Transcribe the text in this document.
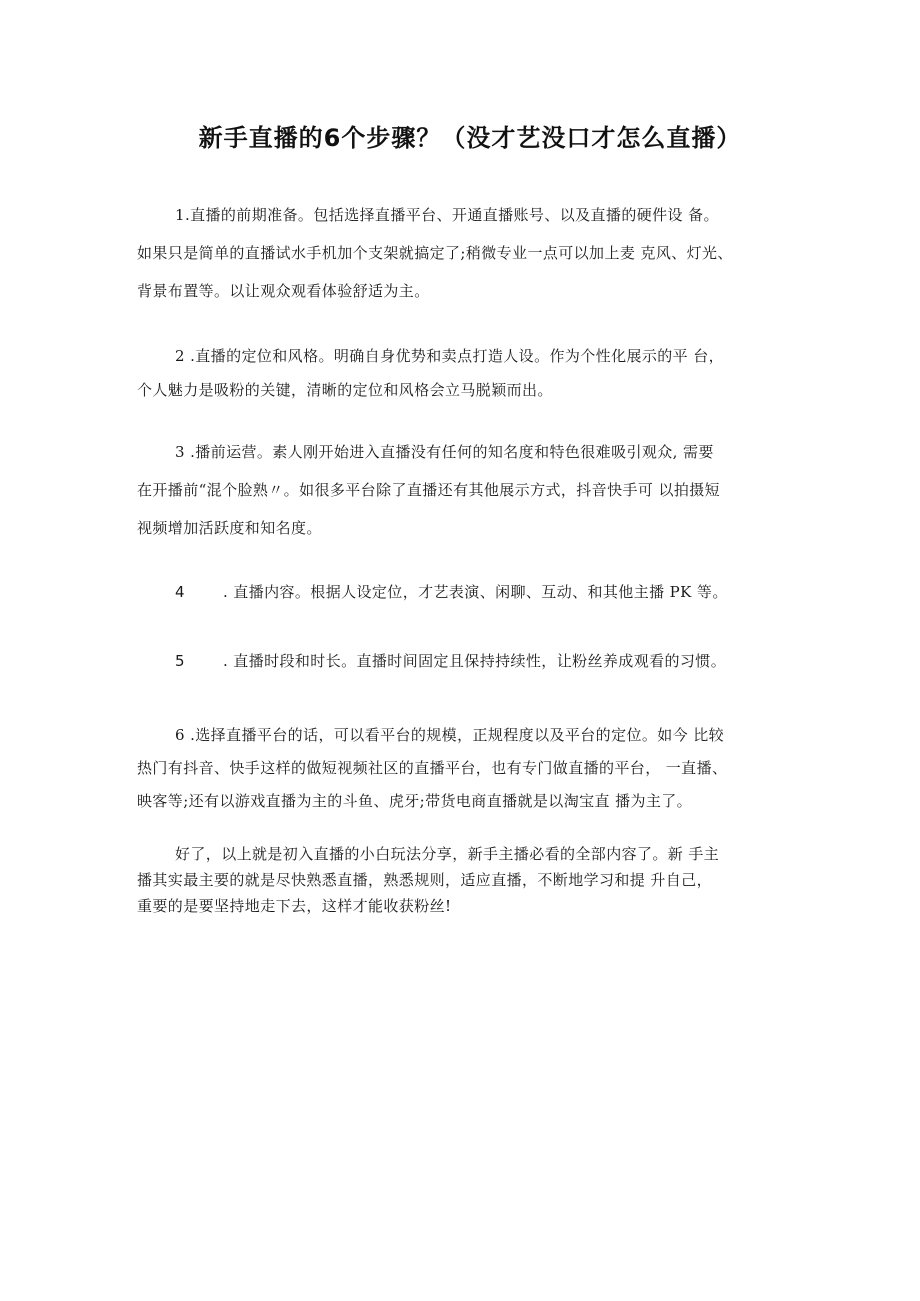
新手直播的6个步骤？（没才艺没口才怎么直播）
1.直播的前期准备。包括选择直播平台、开通直播账号、以及直播的硬件设 备。
如果只是简单的直播试水手机加个支架就搞定了;稍微专业一点可以加上麦 克风、灯光、
背景布置等。以让观众观看体验舒适为主。
2 .直播的定位和风格。明确自身优势和卖点打造人设。作为个性化展示的平 台，
个人魅力是吸粉的关键，清晰的定位和风格会立马脱颖而出。
3 .播前运营。素人刚开始进入直播没有任何的知名度和特色很难吸引观众, 需要
在开播前“混个脸熟〃。如很多平台除了直播还有其他展示方式，抖音快手可 以拍摄短
视频增加活跃度和知名度。
4	. 直播内容。根据人设定位，才艺表演、闲聊、互动、和其他主播 PK 等。
5	. 直播时段和时长。直播时间固定且保持持续性，让粉丝养成观看的习惯。
6 .选择直播平台的话，可以看平台的规模，正规程度以及平台的定位。如今 比较
热门有抖音、快手这样的做短视频社区的直播平台，也有专门做直播的平台， 一直播、
映客等;还有以游戏直播为主的斗鱼、虎牙;带货电商直播就是以淘宝直 播为主了。
好了，以上就是初入直播的小白玩法分享，新手主播必看的全部内容了。新 手主
播其实最主要的就是尽快熟悉直播，熟悉规则，适应直播，不断地学习和提 升自己，
重要的是要坚持地走下去，这样才能收获粉丝!
